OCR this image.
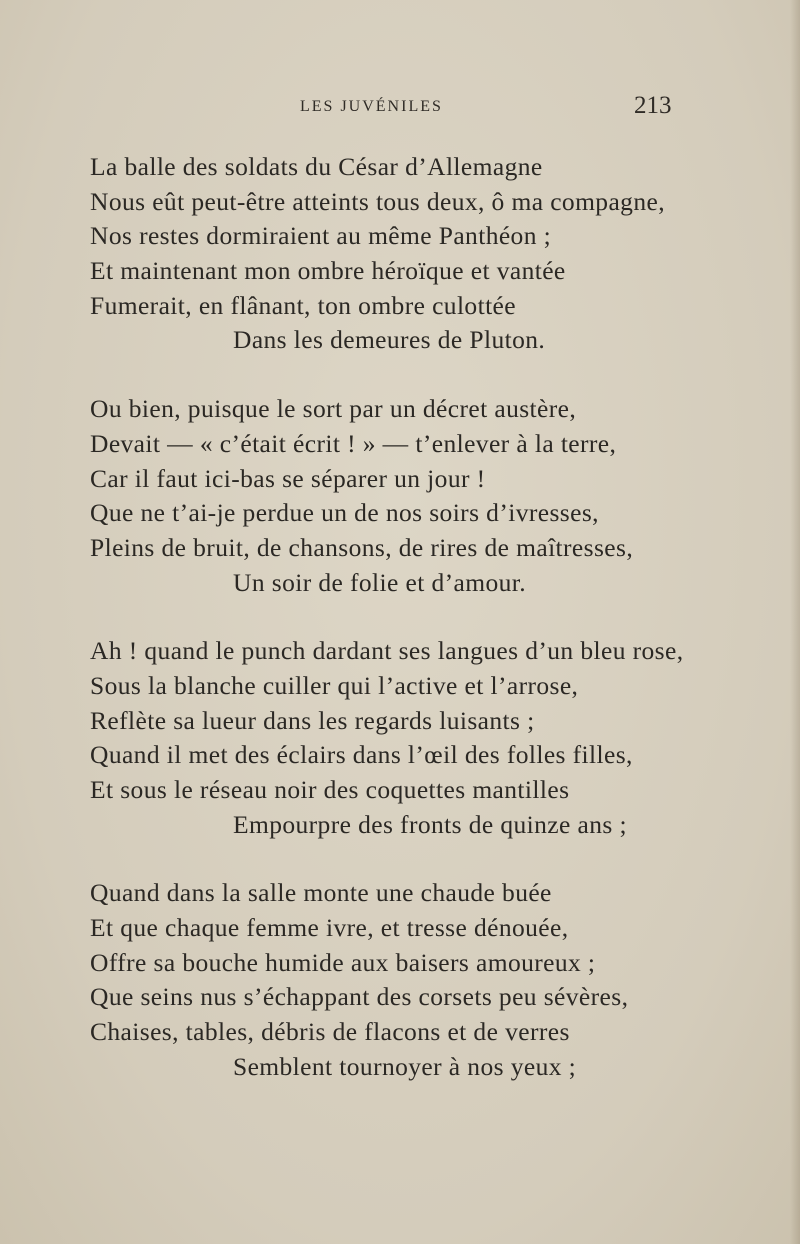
LES JUVÉNILES	213
La balle des soldats du César d’Allemagne
Nous eût peut-être atteints tous deux, ô ma compagne,
Nos restes dormiraient au même Panthéon ;
Et maintenant mon ombre héroïque et vantée
Fumerait, en flânant, ton ombre culottée
Dans les demeures de Pluton.
Ou bien, puisque le sort par un décret austère,
Devait — « c’était écrit ! » — t’enlever à la terre,
Car il faut ici-bas se séparer un jour !
Que ne t’ai-je perdue un de nos soirs d’ivresses,
Pleins de bruit, de chansons, de rires de maîtresses,
Un soir de folie et d’amour.
Ah ! quand le punch dardant ses langues d’un bleu rose,
Sous la blanche cuiller qui l’active et l’arrose,
Reflète sa lueur dans les regards luisants ;
Quand il met des éclairs dans l’œil des folles filles,
Et sous le réseau noir des coquettes mantilles
Empourpre des fronts de quinze ans ;
Quand dans la salle monte une chaude buée
Et que chaque femme ivre, et tresse dénouée,
Offre sa bouche humide aux baisers amoureux ;
Que seins nus s’échappant des corsets peu sévères,
Chaises, tables, débris de flacons et de verres
Semblent tournoyer à nos yeux ;
